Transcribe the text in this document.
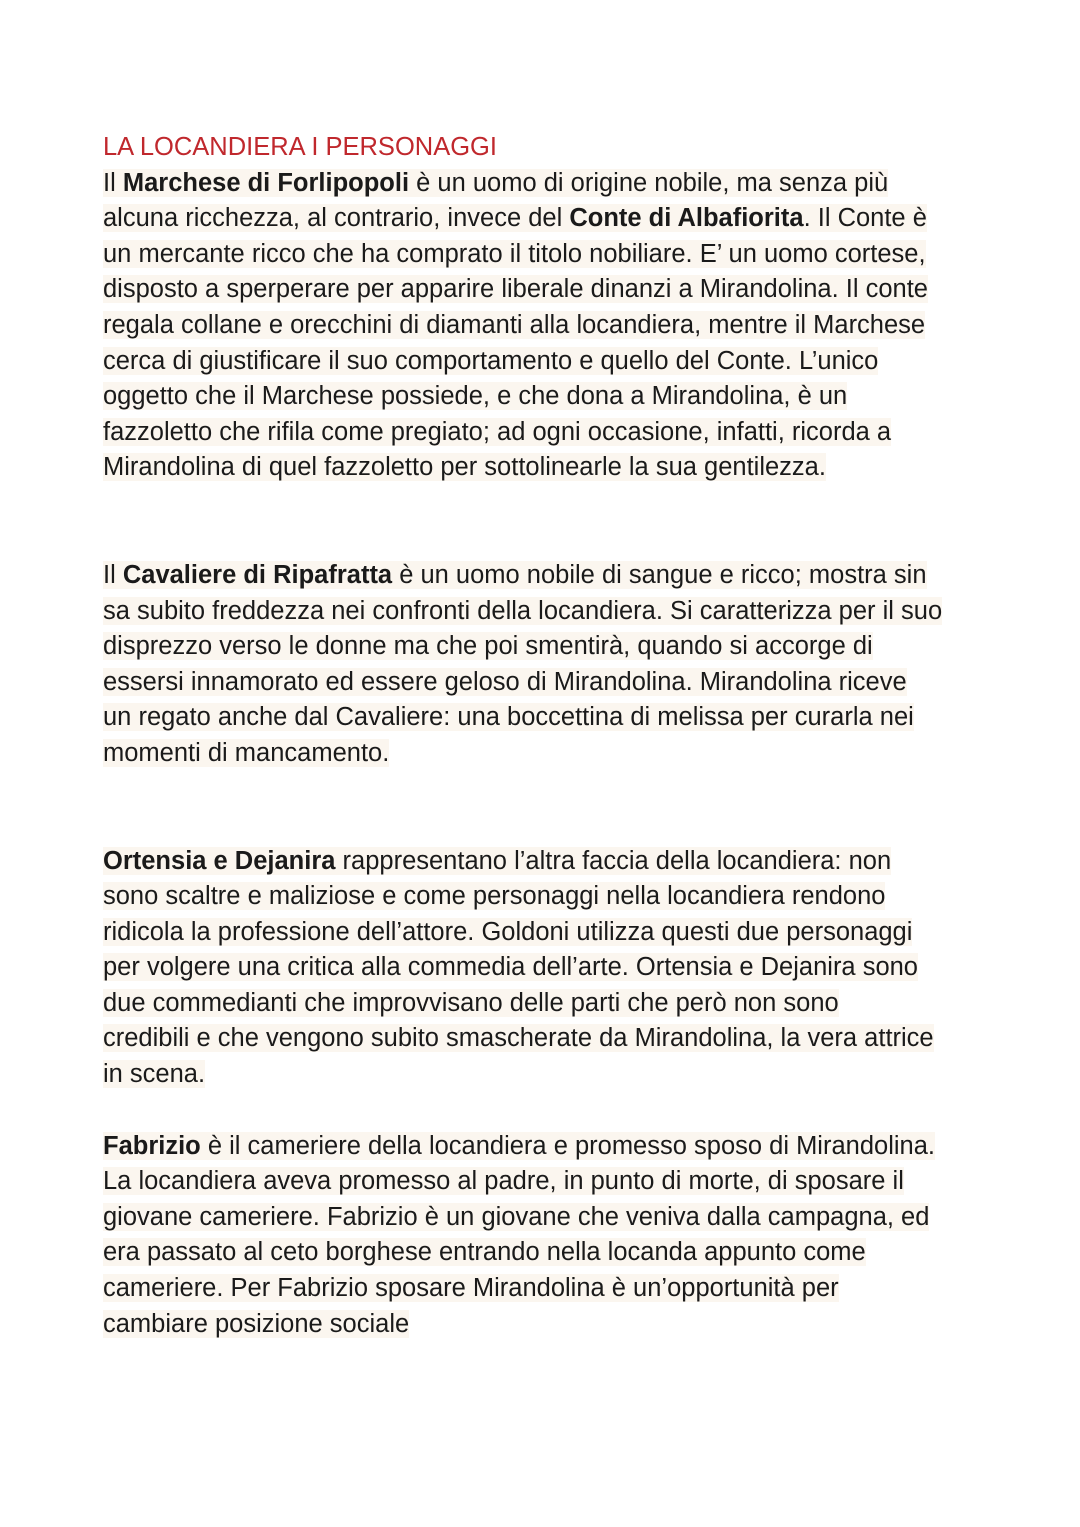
LA LOCANDIERA I PERSONAGGI

Il Marchese di Forlipopoli è un uomo di origine nobile, ma senza più
alcuna ricchezza, al contrario, invece del Conte di Albafiorita. Il Conte è
un mercante ricco che ha comprato il titolo nobiliare. E’ un uomo cortese,
disposto a sperperare per apparire liberale dinanzi a Mirandolina. Il conte
regala collane e orecchini di diamanti alla locandiera, mentre il Marchese
cerca di giustificare il suo comportamento e quello del Conte. L’unico
oggetto che il Marchese possiede, e che dona a Mirandolina, è un
fazzoletto che rifila come pregiato; ad ogni occasione, infatti, ricorda a
Mirandolina di quel fazzoletto per sottolinearle la sua gentilezza.

Il Cavaliere di Ripafratta è un uomo nobile di sangue e ricco; mostra sin
sa subito freddezza nei confronti della locandiera. Si caratterizza per il suo
disprezzo verso le donne ma che poi smentirà, quando si accorge di
essersi innamorato ed essere geloso di Mirandolina. Mirandolina riceve
un regato anche dal Cavaliere: una boccettina di melissa per curarla nei
momenti di mancamento.

Ortensia e Dejanira rappresentano l’altra faccia della locandiera: non
sono scaltre e maliziose e come personaggi nella locandiera rendono
ridicola la professione dell’attore. Goldoni utilizza questi due personaggi
per volgere una critica alla commedia dell’arte. Ortensia e Dejanira sono
due commedianti che improvvisano delle parti che però non sono
credibili e che vengono subito smascherate da Mirandolina, la vera attrice
in scena.

Fabrizio è il cameriere della locandiera e promesso sposo di Mirandolina.
La locandiera aveva promesso al padre, in punto di morte, di sposare il
giovane cameriere. Fabrizio è un giovane che veniva dalla campagna, ed
era passato al ceto borghese entrando nella locanda appunto come
cameriere. Per Fabrizio sposare Mirandolina è un’opportunità per
cambiare posizione sociale
